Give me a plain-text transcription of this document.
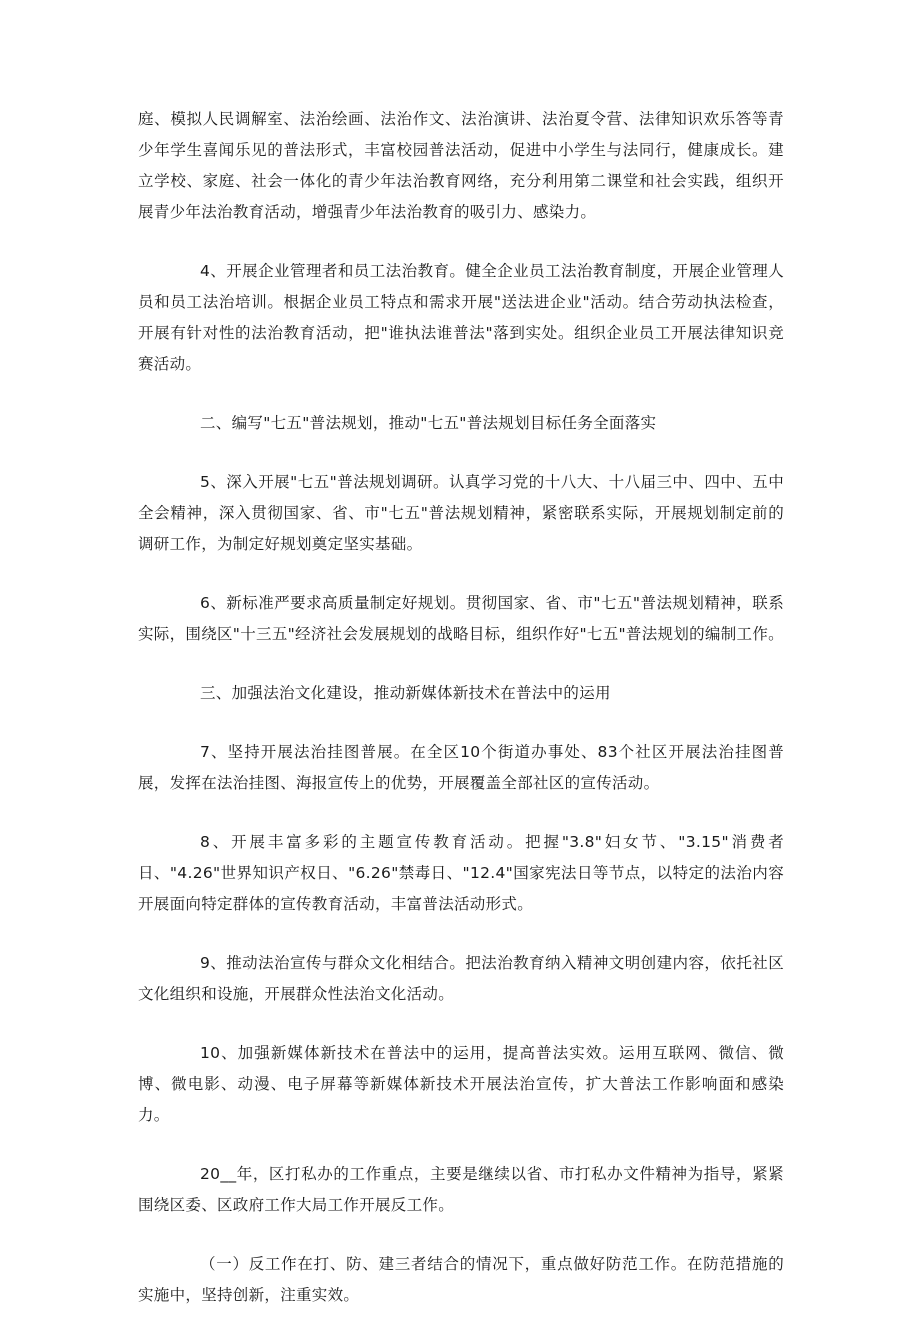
庭、模拟人民调解室、法治绘画、法治作文、法治演讲、法治夏令营、法律知识欢乐答等青少年学生喜闻乐见的普法形式，丰富校园普法活动，促进中小学生与法同行，健康成长。建立学校、家庭、社会一体化的青少年法治教育网络，充分利用第二课堂和社会实践，组织开展青少年法治教育活动，增强青少年法治教育的吸引力、感染力。

4、开展企业管理者和员工法治教育。健全企业员工法治教育制度，开展企业管理人员和员工法治培训。根据企业员工特点和需求开展"送法进企业"活动。结合劳动执法检查，开展有针对性的法治教育活动，把"谁执法谁普法"落到实处。组织企业员工开展法律知识竞赛活动。

二、编写"七五"普法规划，推动"七五"普法规划目标任务全面落实

5、深入开展"七五"普法规划调研。认真学习党的十八大、十八届三中、四中、五中全会精神，深入贯彻国家、省、市"七五"普法规划精神，紧密联系实际，开展规划制定前的调研工作，为制定好规划奠定坚实基础。

6、新标准严要求高质量制定好规划。贯彻国家、省、市"七五"普法规划精神，联系实际，围绕区"十三五"经济社会发展规划的战略目标，组织作好"七五"普法规划的编制工作。

三、加强法治文化建设，推动新媒体新技术在普法中的运用

7、坚持开展法治挂图普展。在全区10个街道办事处、83个社区开展法治挂图普展，发挥在法治挂图、海报宣传上的优势，开展覆盖全部社区的宣传活动。

8、开展丰富多彩的主题宣传教育活动。把握"3.8"妇女节、"3.15"消费者日、"4.26"世界知识产权日、"6.26"禁毒日、"12.4"国家宪法日等节点，以特定的法治内容开展面向特定群体的宣传教育活动，丰富普法活动形式。

9、推动法治宣传与群众文化相结合。把法治教育纳入精神文明创建内容，依托社区文化组织和设施，开展群众性法治文化活动。

10、加强新媒体新技术在普法中的运用，提高普法实效。运用互联网、微信、微博、微电影、动漫、电子屏幕等新媒体新技术开展法治宣传，扩大普法工作影响面和感染力。

20__年，区打私办的工作重点，主要是继续以省、市打私办文件精神为指导，紧紧围绕区委、区政府工作大局工作开展反工作。

（一）反工作在打、防、建三者结合的情况下，重点做好防范工作。在防范措施的实施中，坚持创新，注重实效。
